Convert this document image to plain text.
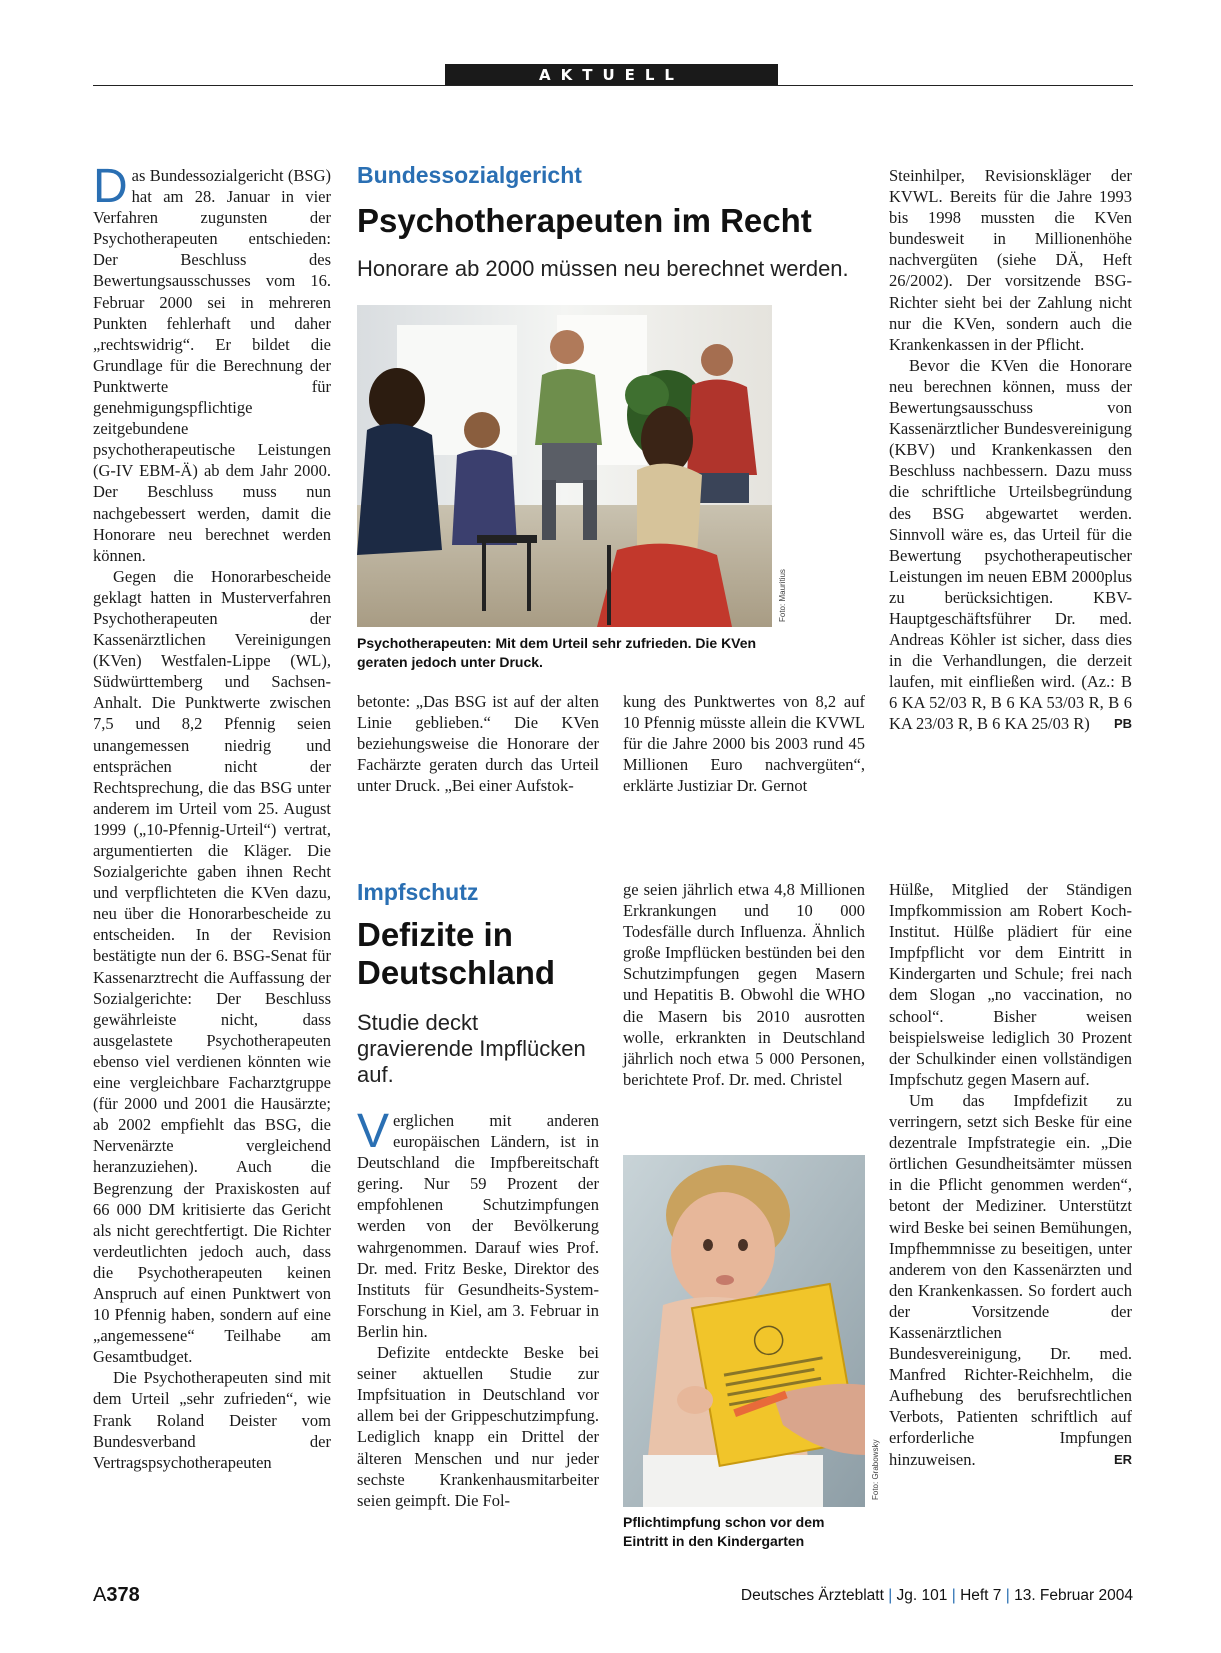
AKTUELL

Das Bundessozialgericht (BSG) hat am 28. Januar in vier Verfahren zugunsten der Psychotherapeuten entschieden: Der Beschluss des Bewertungsausschusses vom 16. Februar 2000 sei in mehreren Punkten fehlerhaft und daher „rechtswidrig“. Er bildet die Grundlage für die Berechnung der Punktwerte für genehmigungspflichtige zeitgebundene psychotherapeutische Leistungen (G-IV EBM-Ä) ab dem Jahr 2000. Der Beschluss muss nun nachgebessert werden, damit die Honorare neu berechnet werden können.

Gegen die Honorarbescheide geklagt hatten in Musterverfahren Psychotherapeuten der Kassenärztlichen Vereinigungen (KVen) Westfalen-Lippe (WL), Südwürttemberg und Sachsen-Anhalt. Die Punktwerte zwischen 7,5 und 8,2 Pfennig seien unangemessen niedrig und entsprächen nicht der Rechtsprechung, die das BSG unter anderem im Urteil vom 25. August 1999 („10-Pfennig-Urteil“) vertrat, argumentierten die Kläger. Die Sozialgerichte gaben ihnen Recht und verpflichteten die KVen dazu, neu über die Honorarbescheide zu entscheiden. In der Revision bestätigte nun der 6. BSG-Senat für Kassenarztrecht die Auffassung der Sozialgerichte: Der Beschluss gewährleiste nicht, dass ausgelastete Psychotherapeuten ebenso viel verdienen könnten wie eine vergleichbare Facharztgruppe (für 2000 und 2001 die Hausärzte; ab 2002 empfiehlt das BSG, die Nervenärzte vergleichend heranzuziehen). Auch die Begrenzung der Praxiskosten auf 66 000 DM kritisierte das Gericht als nicht gerechtfertigt. Die Richter verdeutlichten jedoch auch, dass die Psychotherapeuten keinen Anspruch auf einen Punktwert von 10 Pfennig haben, sondern auf eine „angemessene“ Teilhabe am Gesamtbudget.

Die Psychotherapeuten sind mit dem Urteil „sehr zufrieden“, wie Frank Roland Deister vom Bundesverband der Vertragspsychotherapeuten

Bundessozialgericht
Psychotherapeuten im Recht
Honorare ab 2000 müssen neu berechnet werden.
Foto: Mauritius
Psychotherapeuten: Mit dem Urteil sehr zufrieden. Die KVen geraten jedoch unter Druck.
betonte: „Das BSG ist auf der alten Linie geblieben.“ Die KVen beziehungsweise die Honorare der Fachärzte geraten durch das Urteil unter Druck. „Bei einer Aufstok-
kung des Punktwertes von 8,2 auf 10 Pfennig müsste allein die KVWL für die Jahre 2000 bis 2003 rund 45 Millionen Euro nachvergüten“, erklärte Justiziar Dr. Gernot

Steinhilper, Revisionskläger der KVWL. Bereits für die Jahre 1993 bis 1998 mussten die KVen bundesweit in Millionenhöhe nachvergüten (siehe DÄ, Heft 26/2002). Der vorsitzende BSG-Richter sieht bei der Zahlung nicht nur die KVen, sondern auch die Krankenkassen in der Pflicht.

Bevor die KVen die Honorare neu berechnen können, muss der Bewertungsausschuss von Kassenärztlicher Bundesvereinigung (KBV) und Krankenkassen den Beschluss nachbessern. Dazu muss die schriftliche Urteilsbegründung des BSG abgewartet werden. Sinnvoll wäre es, das Urteil für die Bewertung psychotherapeutischer Leistungen im neuen EBM 2000plus zu berücksichtigen. KBV-Hauptgeschäftsführer Dr. med. Andreas Köhler ist sicher, dass dies in die Verhandlungen, die derzeit laufen, mit einfließen wird. (Az.: B 6 KA 52/03 R, B 6 KA 53/03 R, B 6 KA 23/03 R, B 6 KA 25/03 R)	PB

Impfschutz
Defizite in
Deutschland
Studie deckt gravierende Impflücken auf.

Verglichen mit anderen europäischen Ländern, ist in Deutschland die Impfbereitschaft gering. Nur 59 Prozent der empfohlenen Schutzimpfungen werden von der Bevölkerung wahrgenommen. Darauf wies Prof. Dr. med. Fritz Beske, Direktor des Instituts für Gesundheits-System-Forschung in Kiel, am 3. Februar in Berlin hin.

Defizite entdeckte Beske bei seiner aktuellen Studie zur Impfsituation in Deutschland vor allem bei der Grippeschutzimpfung. Lediglich knapp ein Drittel der älteren Menschen und nur jeder sechste Krankenhausmitarbeiter seien geimpft. Die Fol-

ge seien jährlich etwa 4,8 Millionen Erkrankungen und 10 000 Todesfälle durch Influenza. Ähnlich große Impflücken bestünden bei den Schutzimpfungen gegen Masern und Hepatitis B. Obwohl die WHO die Masern bis 2010 ausrotten wolle, erkrankten in Deutschland jährlich noch etwa 5 000 Personen, berichtete Prof. Dr. med. Christel
Foto: Grabowsky
Pflichtimpfung schon vor dem Eintritt in den Kindergarten

Hülße, Mitglied der Ständigen Impfkommission am Robert Koch-Institut. Hülße plädiert für eine Impfpflicht vor dem Eintritt in Kindergarten und Schule; frei nach dem Slogan „no vaccination, no school“. Bisher weisen beispielsweise lediglich 30 Prozent der Schulkinder einen vollständigen Impfschutz gegen Masern auf.

Um das Impfdefizit zu verringern, setzt sich Beske für eine dezentrale Impfstrategie ein. „Die örtlichen Gesundheitsämter müssen in die Pflicht genommen werden“, betont der Mediziner. Unterstützt wird Beske bei seinen Bemühungen, Impfhemmnisse zu beseitigen, unter anderem von den Kassenärzten und den Krankenkassen. So fordert auch der Vorsitzende der Kassenärztlichen Bundesvereinigung, Dr. med. Manfred Richter-Reichhelm, die Aufhebung des berufsrechtlichen Verbots, Patienten schriftlich auf erforderliche Impfungen hinzuweisen.	ER

A378	Deutsches Ärzteblatt | Jg. 101 | Heft 7 | 13. Februar 2004
